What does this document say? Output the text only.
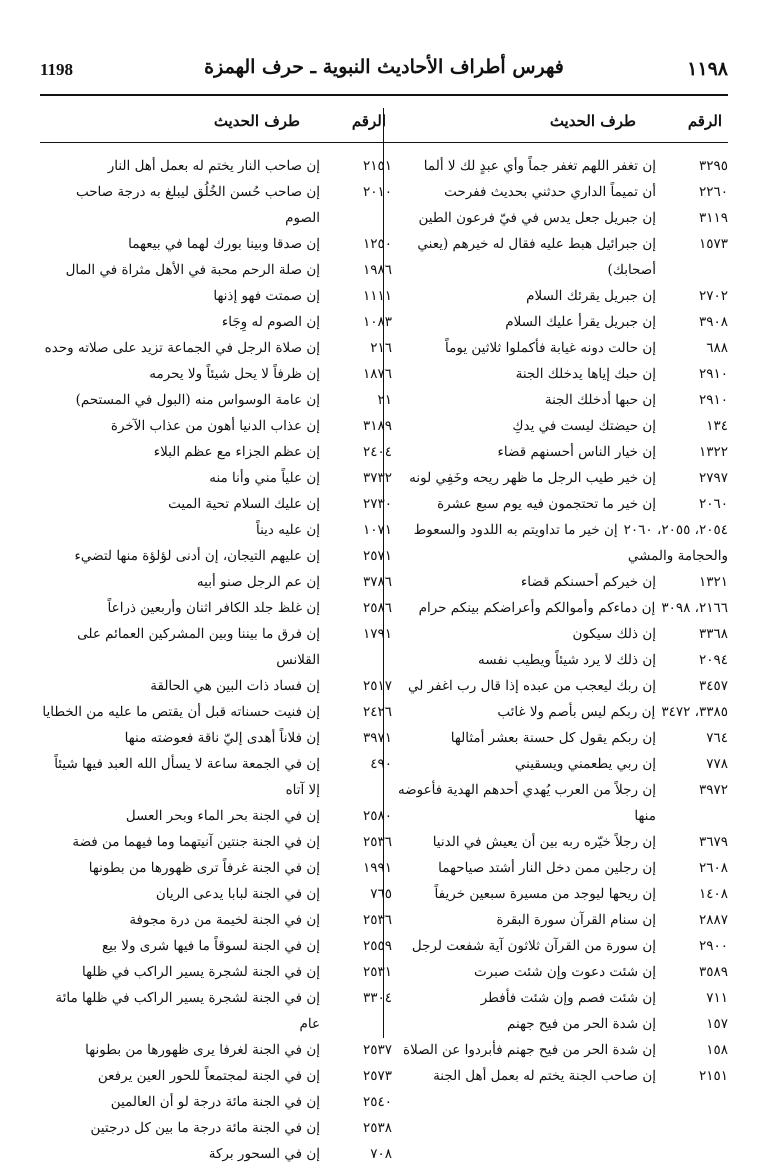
1198	فهرس أطراف الأحاديث النبوية ـ حرف الهمزة	١١٩٨
الرقم
طرف الحديث
٣٢٩٥
إن تغفر اللهم تغفر جماً وأي عبدٍ لك لا ألما
٢٢٦٠
أن تميماً الداري حدثني بحديث ففرحت
٣١١٩
إن جبريل جعل يدس في فيّ فرعون الطين
١٥٧٣
إن جبرائيل هبط عليه فقال له خيرهم (يعني أصحابك)
٢٧٠٢
إن جبريل يقرئك السلام
٣٩٠٨
إن جبريل يقرأ عليك السلام
٦٨٨
إن حالت دونه غيابة فأكملوا ثلاثين يوماً
٢٩١٠
إن حبك إياها يدخلك الجنة
٢٩١٠
إن حبها أدخلك الجنة
١٣٤
إن حيضتك ليست في يدكِ
١٣٢٢
إن خيار الناس أحسنهم قضاء
٢٧٩٧
إن خير طيب الرجل ما ظهر ريحه وخَفِي لونه
٢٠٦٠
إن خير ما تحتجمون فيه يوم سبع عشرة
٢٠٥٤، ٢٠٥٥، ٢٠٦٠إن خير ما تداويتم به اللدود والسعوط والحجامة والمشي
١٣٢١
إن خيركم أحسنكم قضاء
٢١٦٦، ٣٠٩٨إن دماءكم وأموالكم وأعراضكم بينكم حرام
٣٣٦٨
إن ذلك سيكون
٢٠٩٤
إن ذلك لا يرد شيئاً ويطيب نفسه
٣٤٥٧
إن ربك ليعجب من عبده إذا قال رب اغفر لي
٣٣٨٥، ٣٤٧٢إن ربكم ليس بأصم ولا غائب
٧٦٤
إن ربكم يقول كل حسنة بعشر أمثالها
٧٧٨
إن ربي يطعمني ويسقيني
٣٩٧٢
إن رجلاً من العرب يُهدي أحدهم الهدية فأعوضه منها
٣٦٧٩
إن رجلاً خيّره ربه بين أن يعيش في الدنيا
٢٦٠٨
إن رجلين ممن دخل النار أشتد صياحهما
١٤٠٨
إن ريحها ليوجد من مسيرة سبعين خريفاً
٢٨٨٧
إن سنام القرآن سورة البقرة
٢٩٠٠
إن سورة من القرآن ثلاثون آية شفعت لرجل
٣٥٨٩
إن شئت دعوت وإن شئت صبرت
٧١١
إن شئت فصم وإن شئت فأفطر
١٥٧
إن شدة الحر من فيح جهنم
١٥٨
إن شدة الحر من فيح جهنم فأبردوا عن الصلاة
٢١٥١
إن صاحب الجنة يختم له بعمل أهل الجنة
الرقم
طرف الحديث
٢١٥١
إن صاحب النار يختم له بعمل أهل النار
٢٠١٠
إن صاحب حُسن الخُلُق ليبلغ به درجة صاحب الصوم
١٢٥٠
إن صدقا وبينا بورك لهما في بيعهما
١٩٨٦
إن صلة الرحم محبة في الأهل مثراة في المال
١١١١
إن صمتت فهو إذنها
١٠٨٣
إن الصوم له وِجَاء
٢١٦
إن صلاة الرجل في الجماعة تزيد على صلاته وحده
١٨٧٦
إن ظرفاً لا يحل شيئاً ولا يحرمه
٢١
إن عامة الوسواس منه (البول في المستحم)
٣١٨٩
إن عذاب الدنيا أهون من عذاب الآخرة
٢٤٠٤
إن عظم الجزاء مع عظم البلاء
٣٧٣٢
إن علياً مني وأنا منه
٢٧٣٠
إن عليك السلام تحية الميت
١٠٧١
إن عليه ديناً
٢٥٧١
إن عليهم التيجان، إن أدنى لؤلؤة منها لتضيء
٣٧٨٦
إن عم الرجل صنو أبيه
٢٥٨٦
إن غلظ جلد الكافر اثنان وأربعين ذراعاً
١٧٩١
إن فرق ما بيننا وبين المشركين العمائم على القلانس
٢٥١٧
إن فساد ذات البين هي الحالقة
٢٤٢٦
إن فنيت حسناته قبل أن يقتص ما عليه من الخطايا
٣٩٧١
إن فلاناً أهدى إليّ ناقة فعوضته منها
٤٩٠
إن في الجمعة ساعة لا يسأل الله العبد فيها شيئاً إلا آتاه
٢٥٨٠
إن في الجنة بحر الماء وبحر العسل
٢٥٣٦
إن في الجنة جنتين آنيتهما وما فيهما من فضة
١٩٩١
إن في الجنة غرفاً ترى ظهورها من بطونها
٧٦٥
إن في الجنة لبابا يدعى الريان
٢٥٣٦
إن في الجنة لخيمة من درة مجوفة
٢٥٥٩
إن في الجنة لسوقاً ما فيها شرى ولا بيع
٢٥٣١
إن في الجنة لشجرة يسير الراكب في ظلها
٣٣٠٤
إن في الجنة لشجرة يسير الراكب في ظلها مائة عام
٢٥٣٧
إن في الجنة لغرفا يرى ظهورها من بطونها
٢٥٧٣
إن في الجنة لمجتمعاً للحور العين يرفعن
٢٥٤٠
إن في الجنة مائة درجة لو أن العالمين
٢٥٣٨
إن في الجنة مائة درجة ما بين كل درجتين
٧٠٨
إن في السحور بركة
